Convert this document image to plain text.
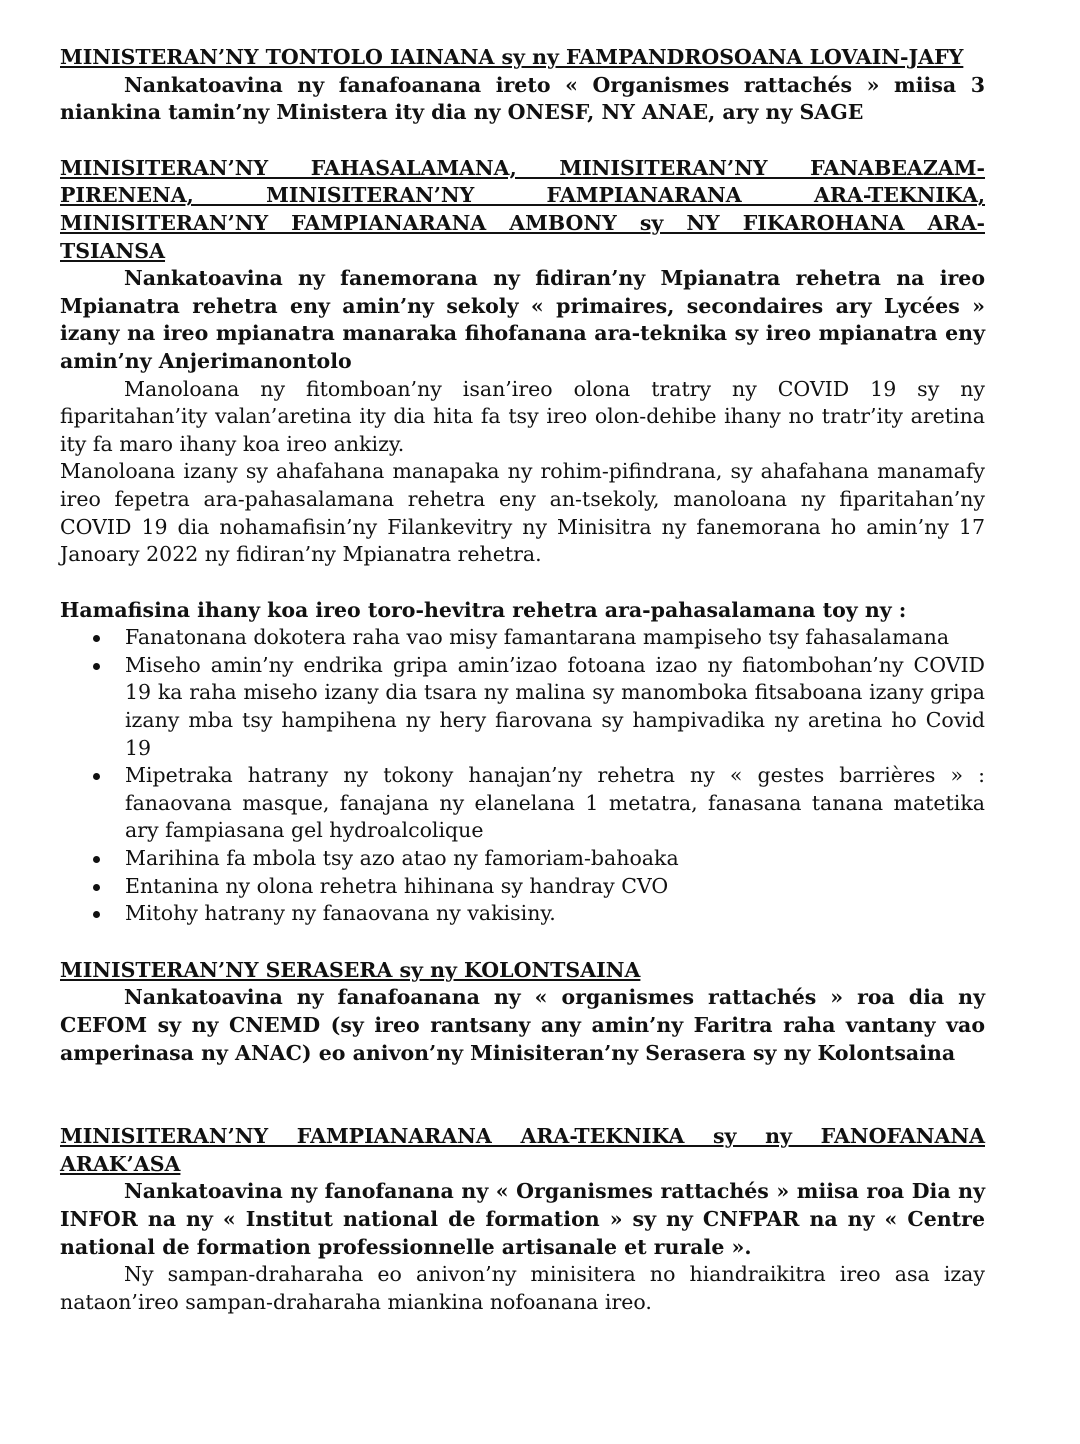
MINISTERAN’NY TONTOLO IAINANA sy ny FAMPANDROSOANA LOVAIN-JAFY

Nankatoavina ny fanafoanana ireto « Organismes rattachés » miisa 3 niankina tamin’ny Ministera ity dia ny ONESF, NY ANAE, ary ny SAGE

MINISITERAN’NY FAHASALAMANA, MINISITERAN’NY FANABEAZAM-PIRENENA, MINISITERAN’NY FAMPIANARANA ARA-TEKNIKA, MINISITERAN’NY FAMPIANARANA AMBONY sy NY FIKAROHANA ARA-TSIANSA

Nankatoavina ny fanemorana ny fidiran’ny Mpianatra rehetra na ireo Mpianatra rehetra eny amin’ny sekoly « primaires, secondaires ary Lycées » izany na ireo mpianatra manaraka fihofanana ara-teknika sy ireo mpianatra eny amin’ny Anjerimanontolo

Manoloana ny fitomboan’ny isan’ireo olona tratry ny COVID 19 sy ny fiparitahan’ity valan’aretina ity dia hita fa tsy ireo olon-dehibe ihany no tratr’ity aretina ity fa maro ihany koa ireo ankizy.

Manoloana izany sy ahafahana manapaka ny rohim-pifindrana, sy ahafahana manamafy ireo fepetra ara-pahasalamana rehetra eny an-tsekoly, manoloana ny fiparitahan’ny COVID 19 dia nohamafisin’ny Filankevitry ny Minisitra ny fanemorana ho amin’ny 17 Janoary 2022 ny fidiran’ny Mpianatra rehetra.

Hamafisina ihany koa ireo toro-hevitra rehetra ara-pahasalamana toy ny :

Fanatonana dokotera raha vao misy famantarana mampiseho tsy fahasalamana
Miseho amin’ny endrika gripa amin’izao fotoana izao ny fiatombohan’ny COVID 19 ka raha miseho izany dia tsara ny malina sy manomboka fitsaboana izany gripa izany mba tsy hampihena ny hery fiarovana sy hampivadika ny aretina ho Covid 19
Mipetraka hatrany ny tokony hanajan’ny rehetra ny « gestes barrières » : fanaovana masque, fanajana ny elanelana 1 metatra, fanasana tanana matetika ary fampiasana gel hydroalcolique
Marihina fa mbola tsy azo atao ny famoriam-bahoaka
Entanina ny olona rehetra hihinana sy handray CVO
Mitohy hatrany ny fanaovana ny vakisiny.

MINISTERAN’NY SERASERA sy ny KOLONTSAINA

Nankatoavina ny fanafoanana ny « organismes rattachés » roa dia ny CEFOM sy ny CNEMD (sy ireo rantsany any amin’ny Faritra raha vantany vao amperinasa ny ANAC) eo anivon’ny Minisiteran’ny Serasera sy ny Kolontsaina

MINISITERAN’NY FAMPIANARANA ARA-TEKNIKA sy ny FANOFANANA ARAK’ASA

Nankatoavina ny fanofanana ny « Organismes rattachés » miisa roa Dia ny INFOR na ny « Institut national de formation » sy ny CNFPAR na ny « Centre national de formation professionnelle artisanale et rurale ».

Ny sampan-draharaha eo anivon’ny minisitera no hiandraikitra ireo asa izay nataon’ireo sampan-draharaha miankina nofoanana ireo.
